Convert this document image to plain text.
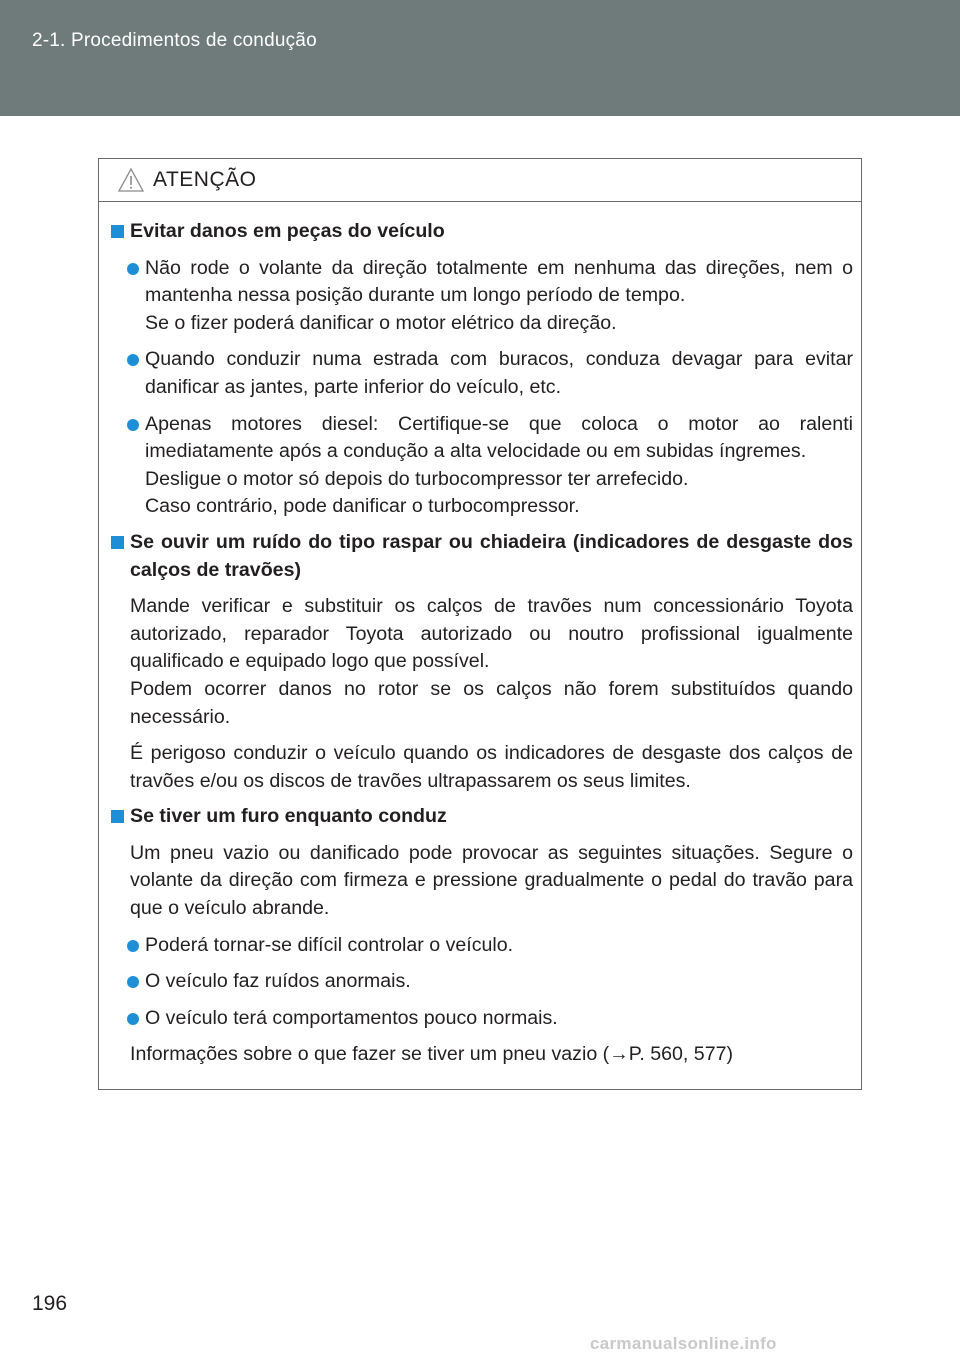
2-1. Procedimentos de condução
ATENÇÃO
Evitar danos em peças do veículo
Não rode o volante da direção totalmente em nenhuma das direções, nem o mantenha nessa posição durante um longo período de tempo.
Se o fizer poderá danificar o motor elétrico da direção.
Quando conduzir numa estrada com buracos, conduza devagar para evitar danificar as jantes, parte inferior do veículo, etc.
Apenas motores diesel: Certifique-se que coloca o motor ao ralenti imediatamente após a condução a alta velocidade ou em subidas íngremes.
Desligue o motor só depois do turbocompressor ter arrefecido.
Caso contrário, pode danificar o turbocompressor.
Se ouvir um ruído do tipo raspar ou chiadeira (indicadores de desgaste dos calços de travões)
Mande verificar e substituir os calços de travões num concessionário Toyota autorizado, reparador Toyota autorizado ou noutro profissional igualmente qualificado e equipado logo que possível.
Podem ocorrer danos no rotor se os calços não forem substituídos quando necessário.
É perigoso conduzir o veículo quando os indicadores de desgaste dos calços de travões e/ou os discos de travões ultrapassarem os seus limites.
Se tiver um furo enquanto conduz
Um pneu vazio ou danificado pode provocar as seguintes situações. Segure o volante da direção com firmeza e pressione gradualmente o pedal do travão para que o veículo abrande.
Poderá tornar-se difícil controlar o veículo.
O veículo faz ruídos anormais.
O veículo terá comportamentos pouco normais.
Informações sobre o que fazer se tiver um pneu vazio (→P. 560, 577)
196
carmanualsonline.info
